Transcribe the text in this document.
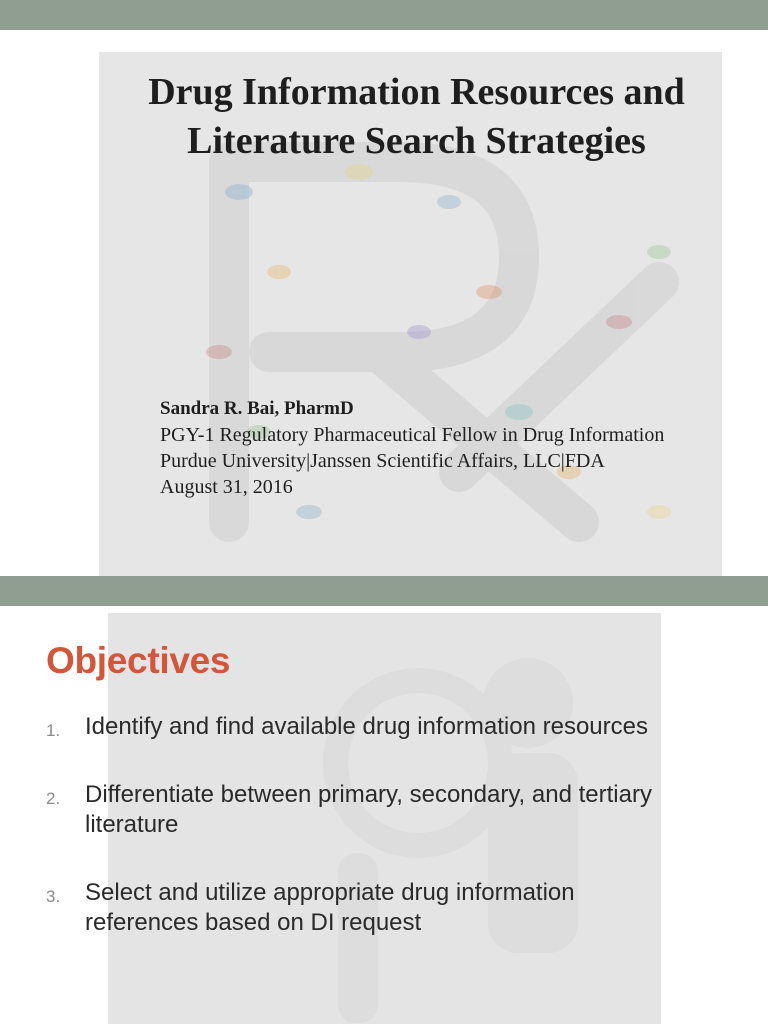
Drug Information Resources and
Literature Search Strategies
Sandra R. Bai, PharmD
PGY-1 Regulatory Pharmaceutical Fellow in Drug Information
Purdue University|Janssen Scientific Affairs, LLC|FDA
August 31, 2016
Objectives
1. Identify and find available drug information resources
2. Differentiate between primary, secondary, and tertiary literature
3. Select and utilize appropriate drug information references based on DI request
